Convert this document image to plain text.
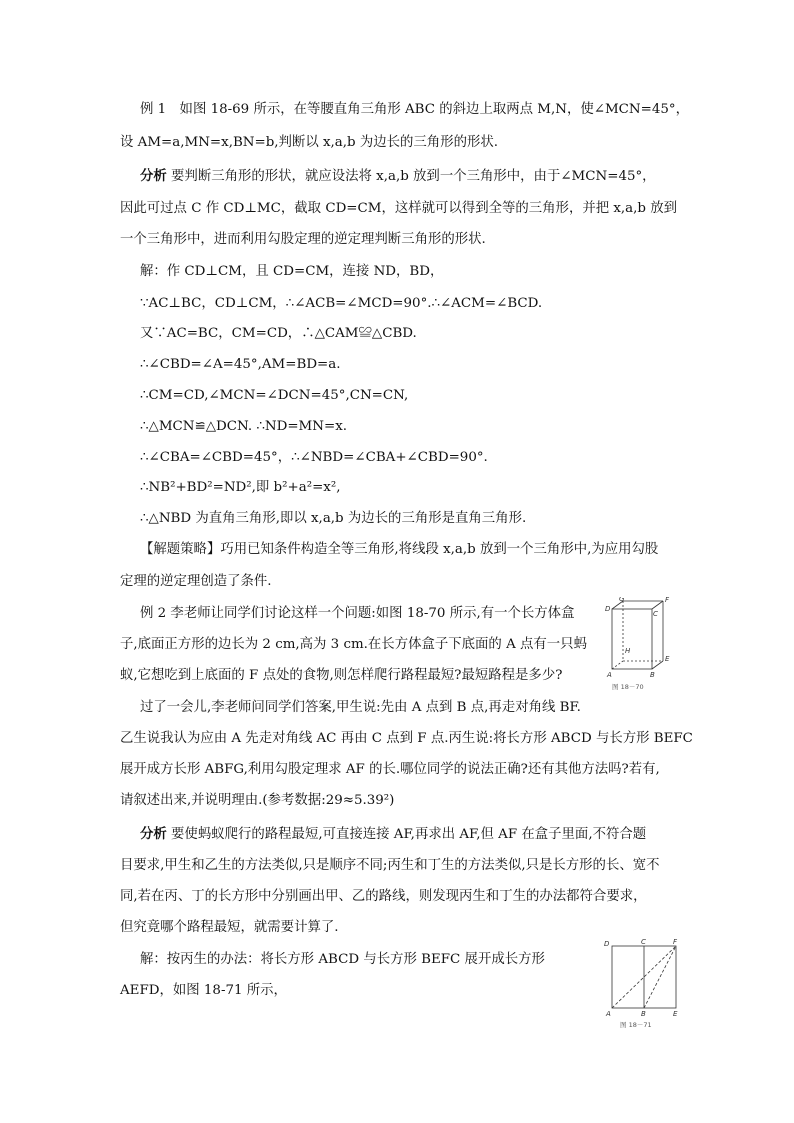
例 1　如图 18-69 所示，在等腰直角三角形 ABC 的斜边上取两点 M,N，使∠MCN=45°，
设 AM=a,MN=x,BN=b,判断以 x,a,b 为边长的三角形的形状.
分析 要判断三角形的形状，就应设法将 x,a,b 放到一个三角形中，由于∠MCN=45°，
因此可过点 C 作 CD⊥MC，截取 CD=CM，这样就可以得到全等的三角形，并把 x,a,b 放到
一个三角形中，进而利用勾股定理的逆定理判断三角形的形状.
解：作 CD⊥CM，且 CD=CM，连接 ND，BD，
∵AC⊥BC，CD⊥CM，∴∠ACB=∠MCD=90°.∴∠ACM=∠BCD.
又∵AC=BC，CM=CD，∴△CAM≌△CBD.
∴∠CBD=∠A=45°,AM=BD=a.
∴CM=CD,∠MCN=∠DCN=45°,CN=CN,
∴△MCN≌△DCN. ∴ND=MN=x.
∴∠CBA=∠CBD=45°，∴∠NBD=∠CBA+∠CBD=90°.
∴NB²+BD²=ND²,即 b²+a²=x²,
∴△NBD 为直角三角形,即以 x,a,b 为边长的三角形是直角三角形.
【解题策略】巧用已知条件构造全等三角形,将线段 x,a,b 放到一个三角形中,为应用勾股
定理的逆定理创造了条件.
例 2 李老师让同学们讨论这样一个问题:如图 18-70 所示,有一个长方体盒
子,底面正方形的边长为 2 cm,高为 3 cm.在长方体盒子下底面的 A 点有一只蚂
蚁,它想吃到上底面的 F 点处的食物,则怎样爬行路程最短?最短路程是多少?
过了一会儿,李老师问同学们答案,甲生说:先由 A 点到 B 点,再走对角线 BF.
乙生说我认为应由 A 先走对角线 AC 再由 C 点到 F 点.丙生说:将长方形 ABCD 与长方形 BEFC
展开成方长形 ABFG,利用勾股定理求 AF 的长.哪位同学的说法正确?还有其他方法吗?若有,
请叙述出来,并说明理由.(参考数据:29≈5.39²)
分析 要使蚂蚁爬行的路程最短,可直接连接 AF,再求出 AF,但 AF 在盒子里面,不符合题
目要求,甲生和乙生的方法类似,只是顺序不同;丙生和丁生的方法类似,只是长方形的长、宽不
同,若在丙、丁的长方形中分别画出甲、乙的路线，则发现丙生和丁生的办法都符合要求，
但究竟哪个路程最短，就需要计算了.
解：按丙生的办法：将长方形 ABCD 与长方形 BEFC 展开成长方形
AEFD，如图 18-71 所示，
G	F
D
C
H
E
A	B
图 18－70
D	C	F
A	B	E
图 18－71
